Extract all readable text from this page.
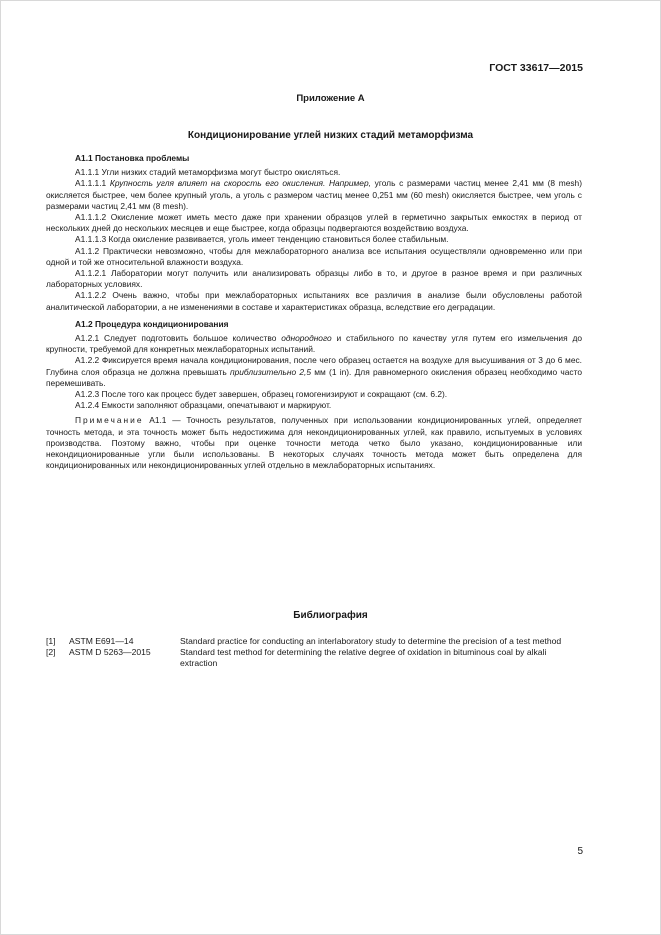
ГОСТ 33617—2015
Приложение А
Кондиционирование углей низких стадий метаморфизма

А1.1 Постановка проблемы

А1.1.1 Угли низких стадий метаморфизма могут быстро окисляться.

А1.1.1.1 Крупность угля влияет на скорость его окисления. Например, уголь с размерами частиц менее 2,41 мм (8 mesh) окисляется быстрее, чем более крупный уголь, а уголь с размером частиц менее 0,251 мм (60 mesh) окисляется быстрее, чем уголь с размерами частиц 2,41 мм (8 mesh).

А1.1.1.2 Окисление может иметь место даже при хранении образцов углей в герметично закрытых емкостях в период от нескольких дней до нескольких месяцев и еще быстрее, когда образцы подвергаются воздействию воздуха.

А1.1.1.3 Когда окисление развивается, уголь имеет тенденцию становиться более стабильным.

А1.1.2 Практически невозможно, чтобы для межлабораторного анализа все испытания осуществляли одновременно или при одной и той же относительной влажности воздуха.

А1.1.2.1 Лаборатории могут получить или анализировать образцы либо в то, и другое в разное время и при различных лабораторных условиях.

А1.1.2.2 Очень важно, чтобы при межлабораторных испытаниях все различия в анализе были обусловлены работой аналитической лаборатории, а не изменениями в составе и характеристиках образца, вследствие его деградации.

А1.2 Процедура кондиционирования

А1.2.1 Следует подготовить большое количество однородного и стабильного по качеству угля путем его измельчения до крупности, требуемой для конкретных межлабораторных испытаний.

А1.2.2 Фиксируется время начала кондиционирования, после чего образец остается на воздухе для высушивания от 3 до 6 мес. Глубина слоя образца не должна превышать приблизительно 2,5 мм (1 in). Для равномерного окисления образец необходимо часто перемешивать.

А1.2.3 После того как процесс будет завершен, образец гомогенизируют и сокращают (см. 6.2).

А1.2.4 Емкости заполняют образцами, опечатывают и маркируют.

Примечание А1.1 — Точность результатов, полученных при использовании кондиционированных углей, определяет точность метода, и эта точность может быть недостижима для некондиционированных углей, как правило, испытуемых в условиях производства. Поэтому важно, чтобы при оценке точности метода четко было указано, кондиционированные или некондиционированные угли были использованы. В некоторых случаях точность метода может быть определена для кондиционированных или некондиционированных углей отдельно в межлабораторных испытаниях.

Библиография
[1]	ASTM E691—14	Standard practice for conducting an interlaboratory study to determine the precision of a test method
[2]	ASTM D 5263—2015	Standard test method for determining the relative degree of oxidation in bituminous coal by alkali extraction
5
